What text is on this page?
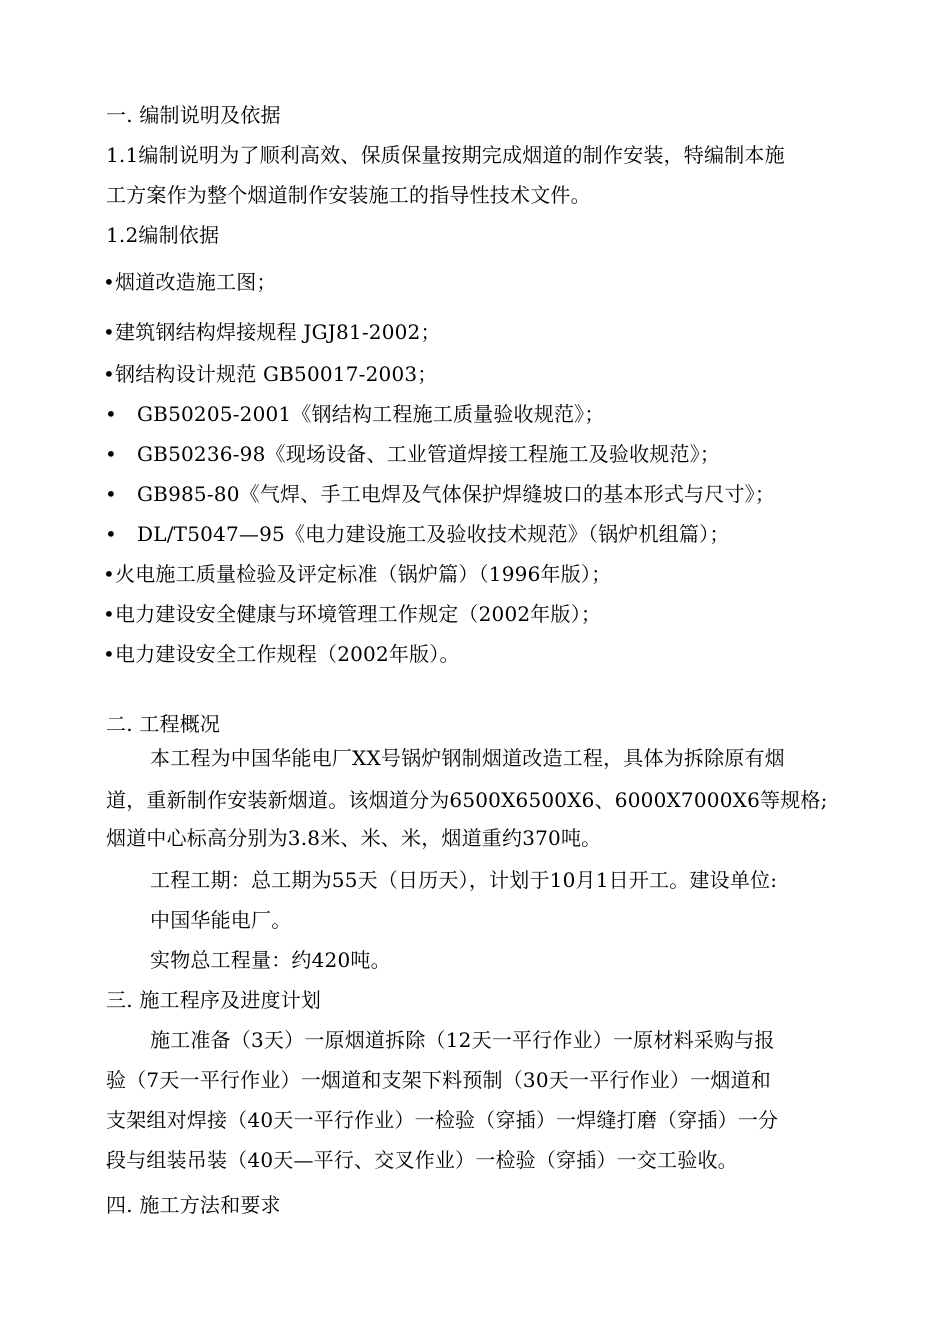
一. 编制说明及依据
1.1编制说明为了顺利高效、保质保量按期完成烟道的制作安装，特编制本施
工方案作为整个烟道制作安装施工的指导性技术文件。
1.2编制依据
• 烟道改造施工图；
• 建筑钢结构焊接规程 JGJ81-2002；
• 钢结构设计规范 GB50017-2003；
• GB50205-2001《钢结构工程施工质量验收规范》；
• GB50236-98《现场设备、工业管道焊接工程施工及验收规范》；
• GB985-80《气焊、手工电焊及气体保护焊缝坡口的基本形式与尺寸》；
• DL/T5047—95《电力建设施工及验收技术规范》（锅炉机组篇）；
• 火电施工质量检验及评定标准（锅炉篇）（1996年版）；
• 电力建设安全健康与环境管理工作规定（2002年版）；
• 电力建设安全工作规程（2002年版）。
二. 工程概况
本工程为中国华能电厂XX号锅炉钢制烟道改造工程，具体为拆除原有烟
道，重新制作安装新烟道。该烟道分为6500X6500X6、6000X7000X6等规格;
烟道中心标高分别为3.8米、米、米，烟道重约370吨。
工程工期：总工期为55天（日历天），计划于10月1日开工。建设单位:
中国华能电厂。
实物总工程量：约420吨。
三. 施工程序及进度计划
施工准备（3天）一原烟道拆除（12天一平行作业）一原材料采购与报
验（7天一平行作业）一烟道和支架下料预制（30天一平行作业）一烟道和
支架组对焊接（40天一平行作业）一检验（穿插）一焊缝打磨（穿插）一分
段与组装吊装（40天—平行、交叉作业）一检验（穿插）一交工验收。
四. 施工方法和要求
